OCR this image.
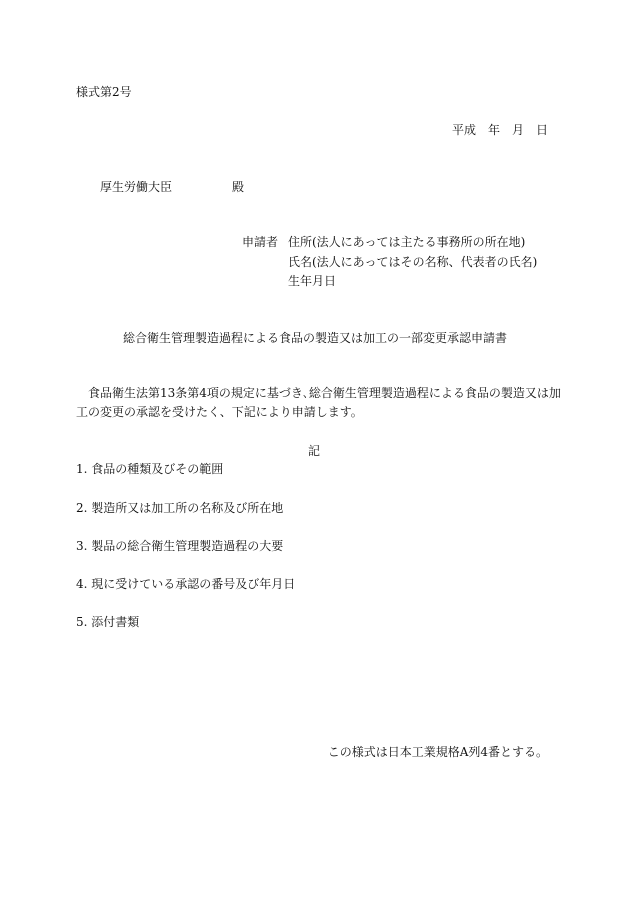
様式第2号
平成　年　月　日
厚生労働大臣	殿
申請者 住所(法人にあっては主たる事務所の所在地)
氏名(法人にあってはその名称、代表者の氏名)
生年月日
総合衛生管理製造過程による食品の製造又は加工の一部変更承認申請書
食品衛生法第13条第4項の規定に基づき､総合衛生管理製造過程による食品の製造又は加
工の変更の承認を受けたく、下記により申請します。
記
1. 食品の種類及びその範囲
2. 製造所又は加工所の名称及び所在地
3. 製品の総合衛生管理製造過程の大要
4. 現に受けている承認の番号及び年月日
5. 添付書類
この様式は日本工業規格A列4番とする。
